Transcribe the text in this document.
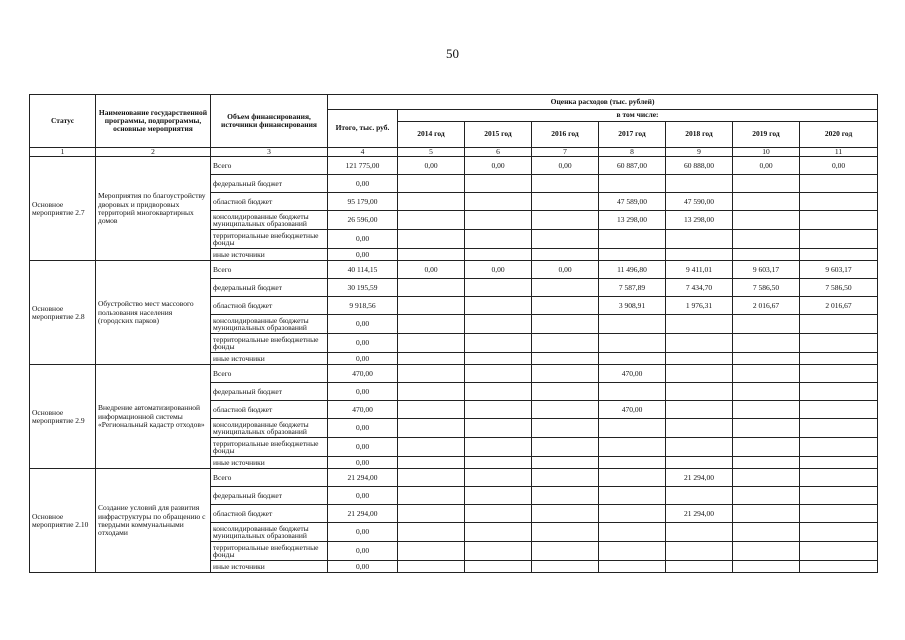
50
Статус	Наименование государственной программы, подпрограммы, основные мероприятия	Объем финансирования, источники финансирования	Оценка расходов (тыс. рублей)							
			Итого, тыс. руб.	в том числе:						
				2014 год	2015 год	2016 год	2017 год	2018 год	2019 год	2020 год
1	2	3	4	5	6	7	8	9	10	11
Основное мероприятие 2.7	Мероприятия по благоустройству дворовых и придворовых территорий многоквартирных домов	Всего	121 775,00	0,00	0,00	0,00	60 887,00	60 888,00	0,00	0,00
		федеральный бюджет	0,00							
		областной бюджет	95 179,00				47 589,00	47 590,00		
		консолидированные бюджеты муниципальных образований	26 596,00				13 298,00	13 298,00		
		территориальные внебюджетные фонды	0,00							
		иные источники	0,00							
Основное мероприятие 2.8	Обустройство мест массового пользования населения (городских парков)	Всего	40 114,15	0,00	0,00	0,00	11 496,80	9 411,01	9 603,17	9 603,17
		федеральный бюджет	30 195,59				7 587,89	7 434,70	7 586,50	7 586,50
		областной бюджет	9 918,56				3 908,91	1 976,31	2 016,67	2 016,67
		консолидированные бюджеты муниципальных образований	0,00							
		территориальные внебюджетные фонды	0,00							
		иные источники	0,00							
Основное мероприятие 2.9	Внедрение автоматизированной информационной системы «Региональный кадастр отходов»	Всего	470,00				470,00			
		федеральный бюджет	0,00							
		областной бюджет	470,00				470,00			
		консолидированные бюджеты муниципальных образований	0,00							
		территориальные внебюджетные фонды	0,00							
		иные источники	0,00							
Основное мероприятие 2.10	Создание условий для развития инфраструктуры по обращению с твердыми коммунальными отходами	Всего	21 294,00					21 294,00		
		федеральный бюджет	0,00							
		областной бюджет	21 294,00					21 294,00		
		консолидированные бюджеты муниципальных образований	0,00							
		территориальные внебюджетные фонды	0,00							
		иные источники	0,00							
